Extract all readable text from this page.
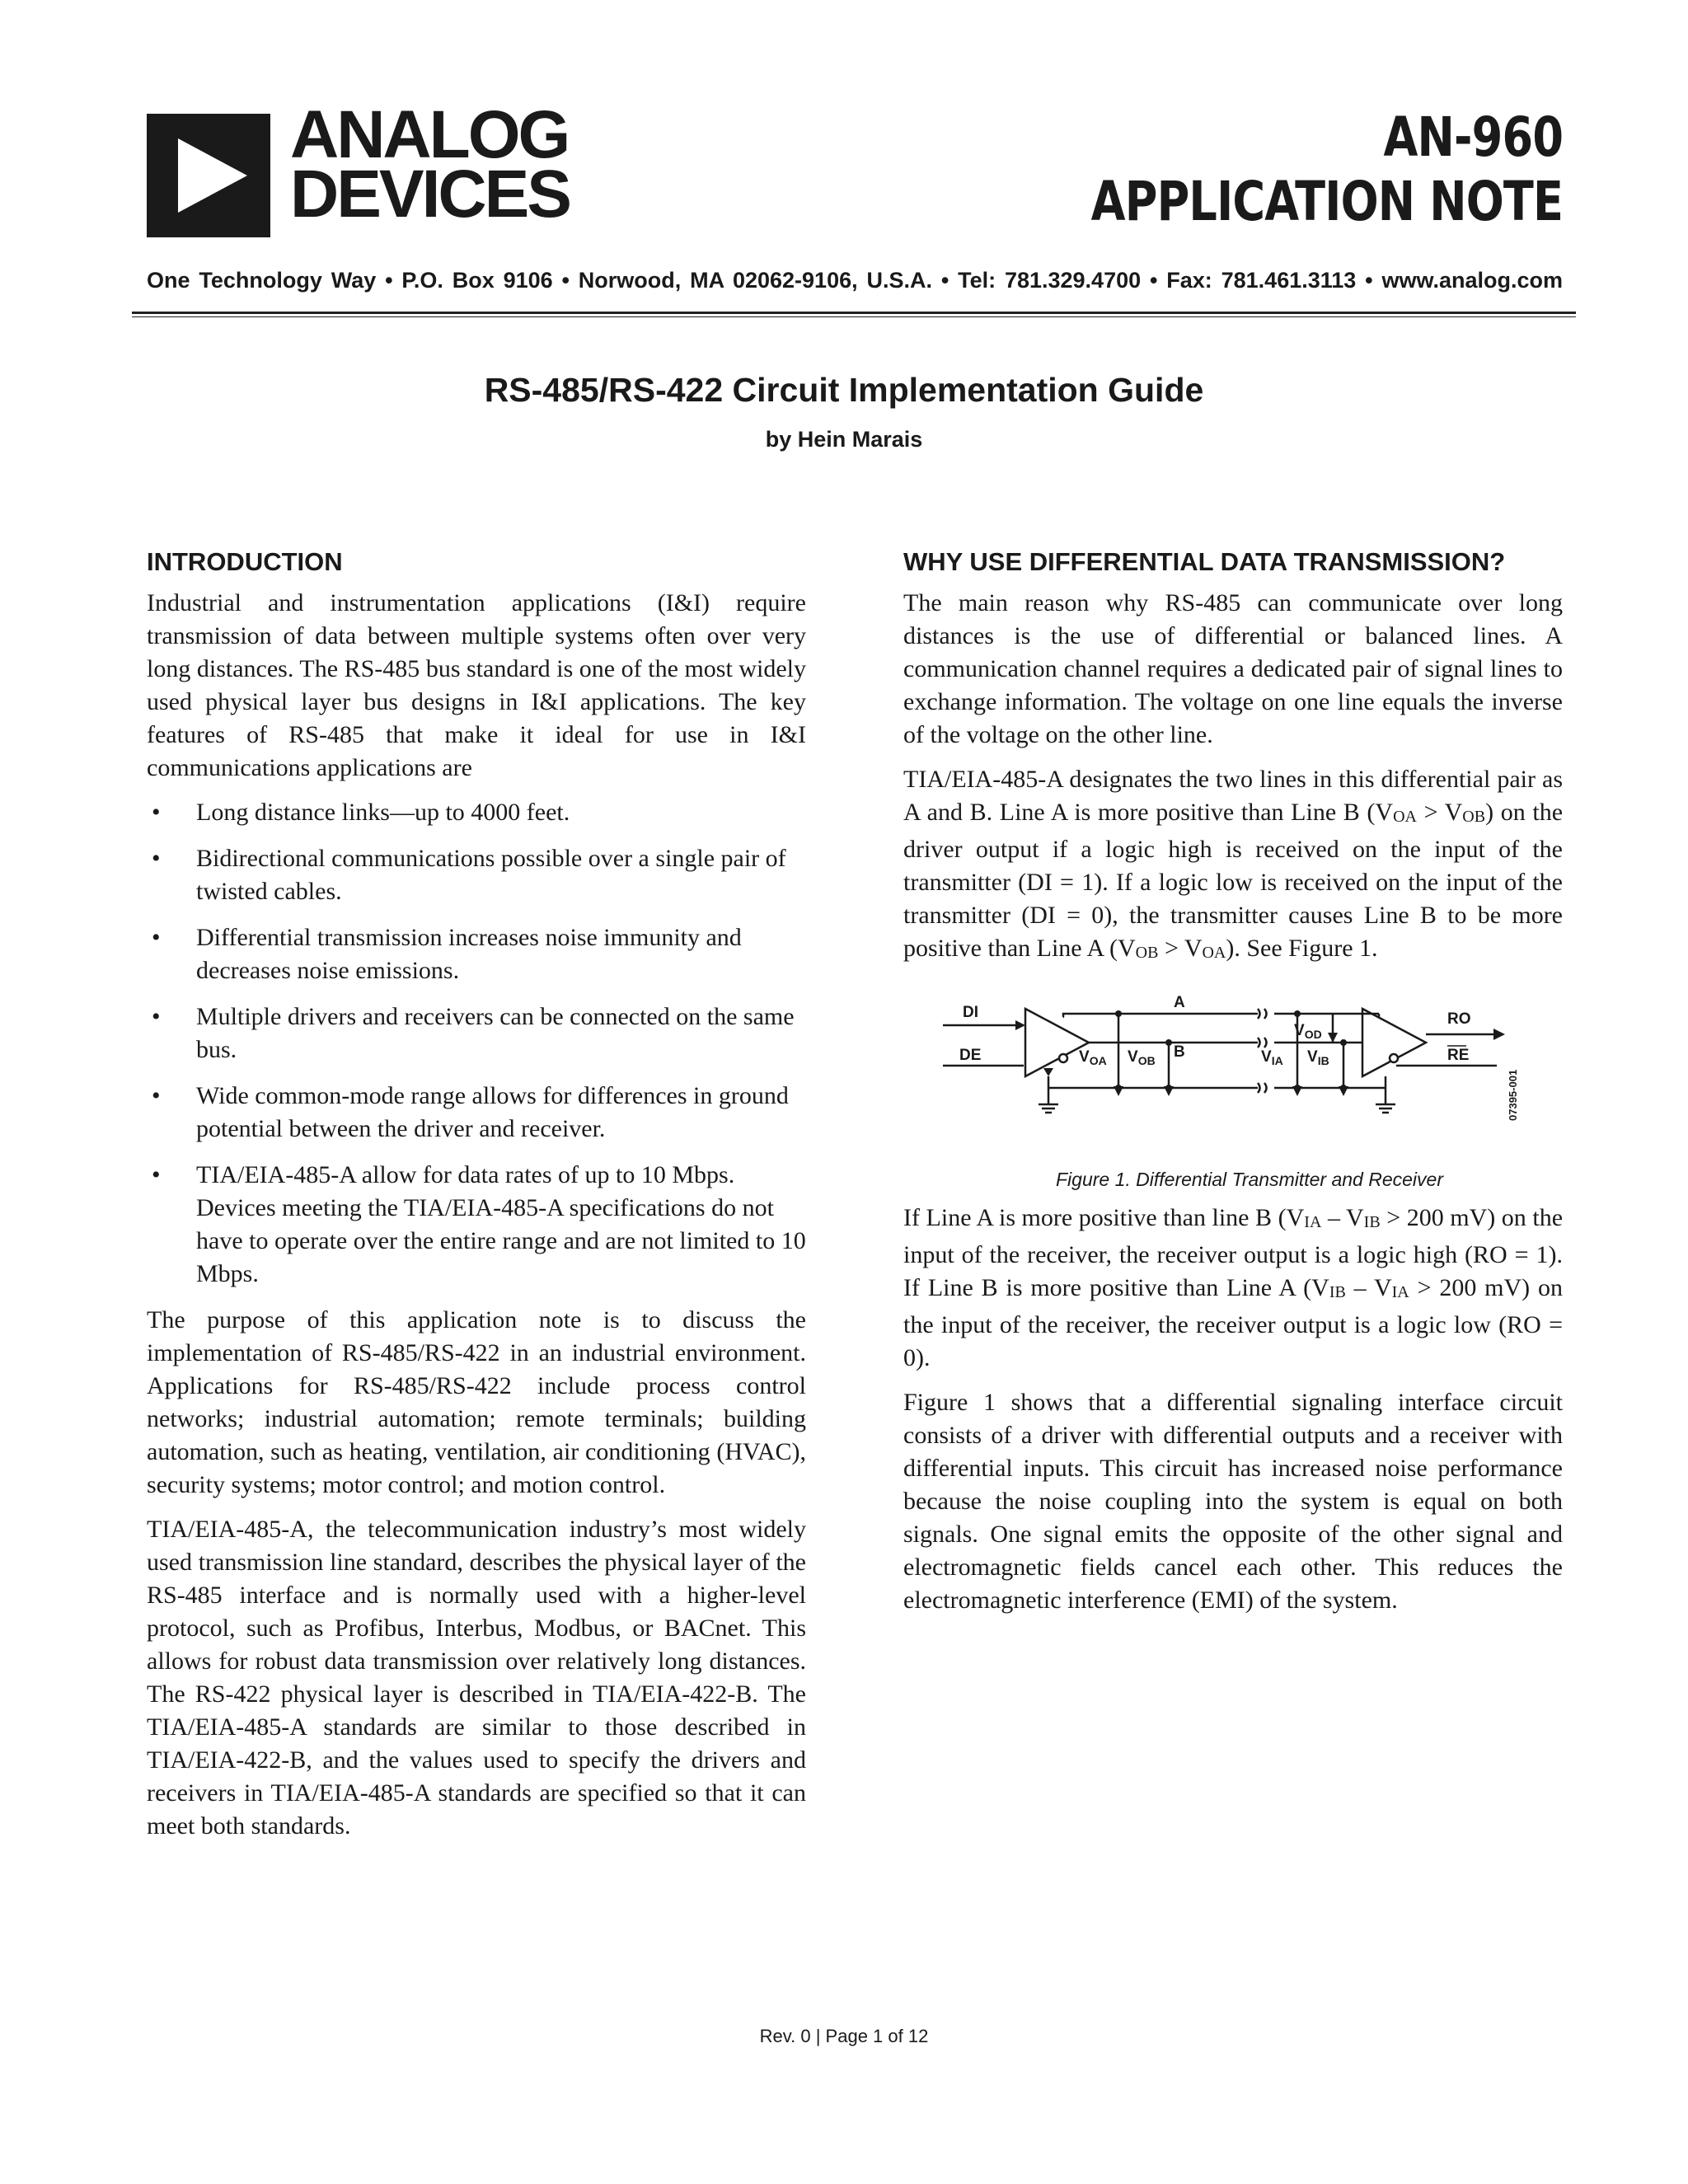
ANALOG
DEVICES
AN-960
APPLICATION NOTE
One Technology Way • P.O. Box 9106 • Norwood, MA 02062-9106, U.S.A. • Tel: 781.329.4700 • Fax: 781.461.3113 • www.analog.com
RS-485/RS-422 Circuit Implementation Guide
by Hein Marais
INTRODUCTION

Industrial and instrumentation applications (I&I) require transmission of data between multiple systems often over very long distances. The RS-485 bus standard is one of the most widely used physical layer bus designs in I&I applications. The key features of RS-485 that make it ideal for use in I&I communications applications are

• Long distance links—up to 4000 feet.
• Bidirectional communications possible over a single pair of twisted cables.
• Differential transmission increases noise immunity and decreases noise emissions.
• Multiple drivers and receivers can be connected on the same bus.
• Wide common-mode range allows for differences in ground potential between the driver and receiver.
• TIA/EIA-485-A allow for data rates of up to 10 Mbps. Devices meeting the TIA/EIA-485-A specifications do not have to operate over the entire range and are not limited to 10 Mbps.

The purpose of this application note is to discuss the implementation of RS-485/RS-422 in an industrial environment. Applications for RS-485/RS-422 include process control networks; industrial automation; remote terminals; building automation, such as heating, ventilation, air conditioning (HVAC), security systems; motor control; and motion control.

TIA/EIA-485-A, the telecommunication industry’s most widely used transmission line standard, describes the physical layer of the RS-485 interface and is normally used with a higher-level protocol, such as Profibus, Interbus, Modbus, or BACnet. This allows for robust data transmission over relatively long distances. The RS-422 physical layer is described in TIA/EIA-422-B. The TIA/EIA-485-A standards are similar to those described in TIA/EIA-422-B, and the values used to specify the drivers and receivers in TIA/EIA-485-A standards are specified so that it can meet both standards.

WHY USE DIFFERENTIAL DATA TRANSMISSION?

The main reason why RS-485 can communicate over long distances is the use of differential or balanced lines. A communication channel requires a dedicated pair of signal lines to exchange information. The voltage on one line equals the inverse of the voltage on the other line.

TIA/EIA-485-A designates the two lines in this differential pair as A and B. Line A is more positive than Line B $(V_{OA} > V_{OB})$ on the driver output if a logic high is received on the input of the transmitter (DI = 1). If a logic low is received on the input of the transmitter (DI = 0), the transmitter causes Line B to be more positive than Line A $(V_{OB} > V_{OA})$. See Figure 1.

DI
DE
A
B
RO
RE
$V_{OD}$
$V_{OA}$ $V_{OB}$	$V_{IA}$ $V_{IB}$
07395-001
Figure 1. Differential Transmitter and Receiver

If Line A is more positive than line B ($V_{IA} - V_{IB} > 200$ mV) on the input of the receiver, the receiver output is a logic high (RO = 1). If Line B is more positive than Line A ($V_{IB} - V_{IA} > 200$ mV) on the input of the receiver, the receiver output is a logic low (RO = 0).

Figure 1 shows that a differential signaling interface circuit consists of a driver with differential outputs and a receiver with differential inputs. This circuit has increased noise performance because the noise coupling into the system is equal on both signals. One signal emits the opposite of the other signal and electromagnetic fields cancel each other. This reduces the electromagnetic interference (EMI) of the system.

Rev. 0 | Page 1 of 12
